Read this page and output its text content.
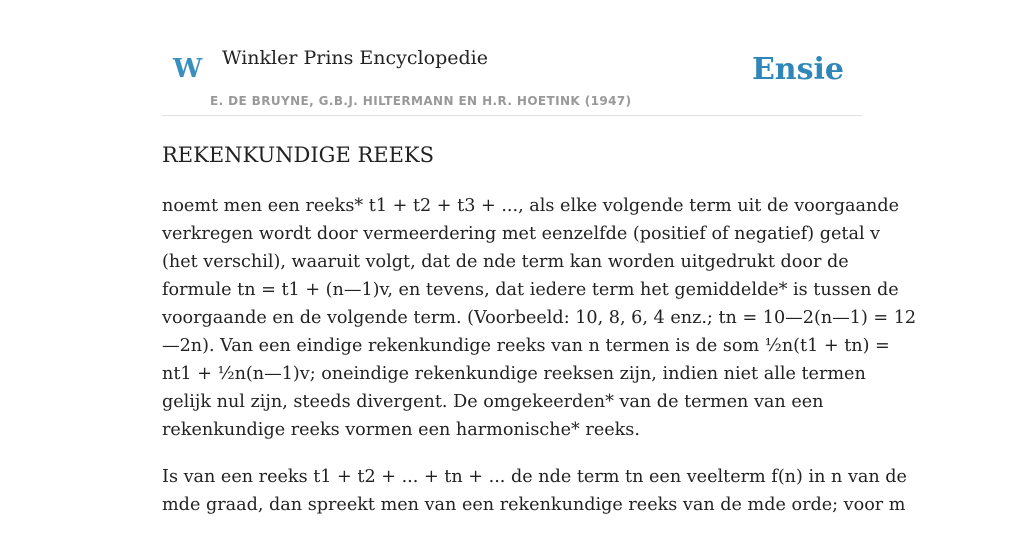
W Winkler Prins Encyclopedie
E. DE BRUYNE, G.B.J. HILTERMANN EN H.R. HOETINK (1947)
Ensie
REKENKUNDIGE REEKS

noemt men een reeks* t1 + t2 + t3 + ..., als elke volgende term uit de voorgaande
verkregen wordt door vermeerdering met eenzelfde (positief of negatief) getal v
(het verschil), waaruit volgt, dat de nde term kan worden uitgedrukt door de
formule tn = t1 + (n—1)v, en tevens, dat iedere term het gemiddelde* is tussen de
voorgaande en de volgende term. (Voorbeeld: 10, 8, 6, 4 enz.; tn = 10—2(n—1) = 12
—2n). Van een eindige rekenkundige reeks van n termen is de som ½n(t1 + tn) =
nt1 + ½n(n—1)v; oneindige rekenkundige reeksen zijn, indien niet alle termen
gelijk nul zijn, steeds divergent. De omgekeerden* van de termen van een
rekenkundige reeks vormen een harmonische* reeks.

Is van een reeks t1 + t2 + ... + tn + ... de nde term tn een veelterm f(n) in n van de
mde graad, dan spreekt men van een rekenkundige reeks van de mde orde; voor m
